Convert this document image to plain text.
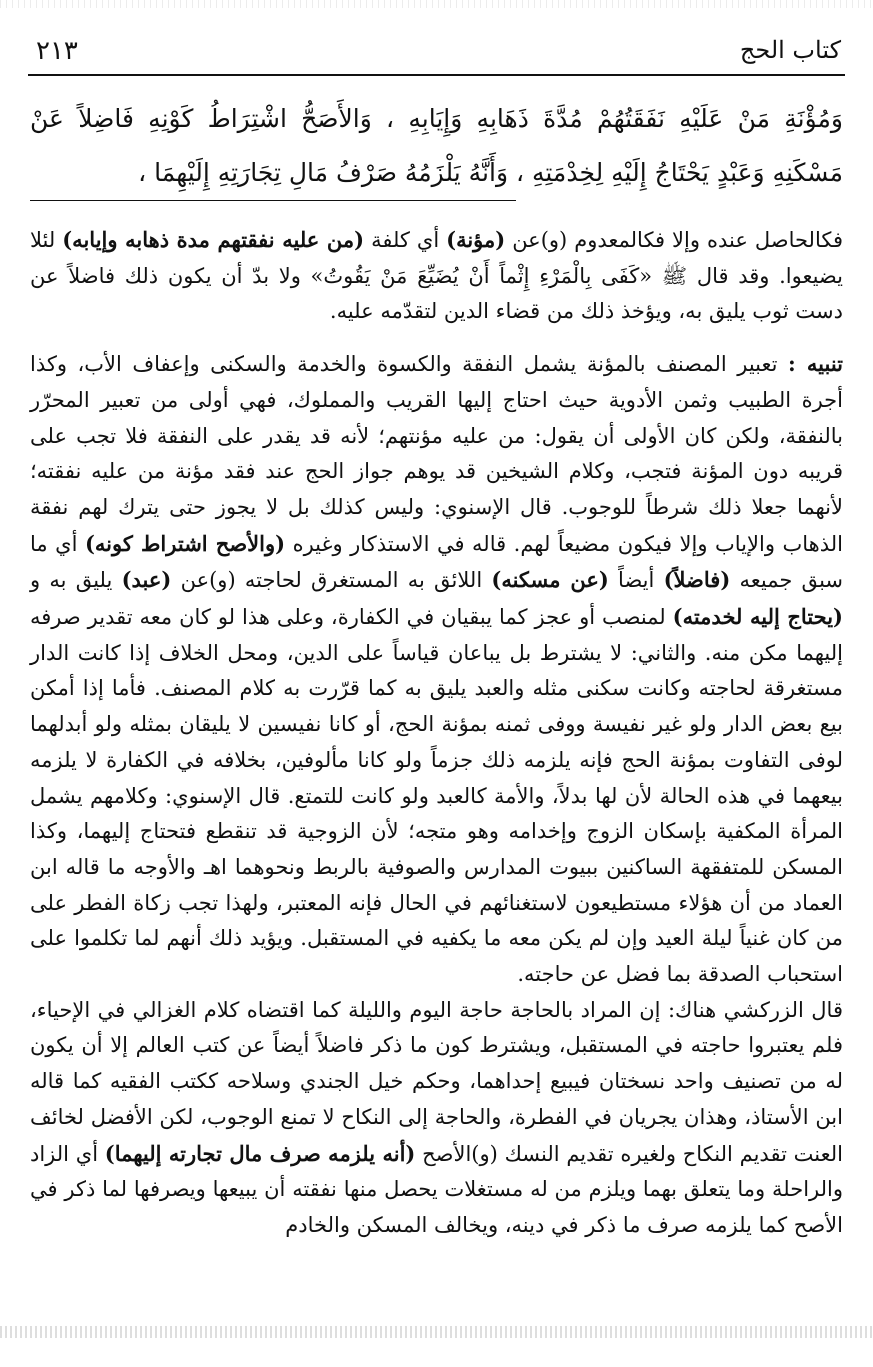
كتاب الحج
٢١٣

وَمُؤْنَةِ مَنْ عَلَيْهِ نَفَقَتُهُمْ مُدَّةَ ذَهَابِهِ وَإِيَابِهِ ، وَالأَصَحُّ اشْتِرَاطُ كَوْنِهِ فَاضِلاً عَنْ مَسْكَنِهِ وَعَبْدٍ يَحْتَاجُ إِلَيْهِ لِخِدْمَتِهِ ، وَأَنَّهُ يَلْزَمُهُ صَرْفُ مَالِ تِجَارَتِهِ إِلَيْهِمَا ،

فكالحاصل عنده وإلا فكالمعدوم (و)عن (مؤنة) أي كلفة (من عليه نفقتهم مدة ذهابه وإيابه) لئلا يضيعوا. وقد قال ﷺ «كَفَى بِالْمَرْءِ إِثْماً أَنْ يُضَيِّعَ مَنْ يَقُوتُ» ولا بدّ أن يكون ذلك فاضلاً عن دست ثوب يليق به، ويؤخذ ذلك من قضاء الدين لتقدّمه عليه.

تنبيه : تعبير المصنف بالمؤنة يشمل النفقة والكسوة والخدمة والسكنى وإعفاف الأب، وكذا أجرة الطبيب وثمن الأدوية حيث احتاج إليها القريب والمملوك، فهي أولى من تعبير المحرّر بالنفقة، ولكن كان الأولى أن يقول: من عليه مؤنتهم؛ لأنه قد يقدر على النفقة فلا تجب على قريبه دون المؤنة فتجب، وكلام الشيخين قد يوهم جواز الحج عند فقد مؤنة من عليه نفقته؛ لأنهما جعلا ذلك شرطاً للوجوب. قال الإسنوي: وليس كذلك بل لا يجوز حتى يترك لهم نفقة الذهاب والإياب وإلا فيكون مضيعاً لهم. قاله في الاستذكار وغيره (والأصح اشتراط كونه) أي ما سبق جميعه (فاضلاً) أيضاً (عن مسكنه) اللائق به المستغرق لحاجته (و)عن (عبد) يليق به و (يحتاج إليه لخدمته) لمنصب أو عجز كما يبقيان في الكفارة، وعلى هذا لو كان معه تقدير صرفه إليهما مكن منه. والثاني: لا يشترط بل يباعان قياساً على الدين، ومحل الخلاف إذا كانت الدار مستغرقة لحاجته وكانت سكنى مثله والعبد يليق به كما قرّرت به كلام المصنف. فأما إذا أمكن بيع بعض الدار ولو غير نفيسة ووفى ثمنه بمؤنة الحج، أو كانا نفيسين لا يليقان بمثله ولو أبدلهما لوفى التفاوت بمؤنة الحج فإنه يلزمه ذلك جزماً ولو كانا مألوفين، بخلافه في الكفارة لا يلزمه بيعهما في هذه الحالة لأن لها بدلاً، والأمة كالعبد ولو كانت للتمتع. قال الإسنوي: وكلامهم يشمل المرأة المكفية بإسكان الزوج وإخدامه وهو متجه؛ لأن الزوجية قد تنقطع فتحتاج إليهما، وكذا المسكن للمتفقهة الساكنين ببيوت المدارس والصوفية بالربط ونحوهما اهـ والأوجه ما قاله ابن العماد من أن هؤلاء مستطيعون لاستغنائهم في الحال فإنه المعتبر، ولهذا تجب زكاة الفطر على من كان غنياً ليلة العيد وإن لم يكن معه ما يكفيه في المستقبل. ويؤيد ذلك أنهم لما تكلموا على استحباب الصدقة بما فضل عن حاجته.

قال الزركشي هناك: إن المراد بالحاجة حاجة اليوم والليلة كما اقتضاه كلام الغزالي في الإحياء، فلم يعتبروا حاجته في المستقبل، ويشترط كون ما ذكر فاضلاً أيضاً عن كتب العالم إلا أن يكون له من تصنيف واحد نسختان فيبيع إحداهما، وحكم خيل الجندي وسلاحه ككتب الفقيه كما قاله ابن الأستاذ، وهذان يجريان في الفطرة، والحاجة إلى النكاح لا تمنع الوجوب، لكن الأفضل لخائف العنت تقديم النكاح ولغيره تقديم النسك (و)الأصح (أنه يلزمه صرف مال تجارته إليهما) أي الزاد والراحلة وما يتعلق بهما ويلزم من له مستغلات يحصل منها نفقته أن يبيعها ويصرفها لما ذكر في الأصح كما يلزمه صرف ما ذكر في دينه، ويخالف المسكن والخادم
